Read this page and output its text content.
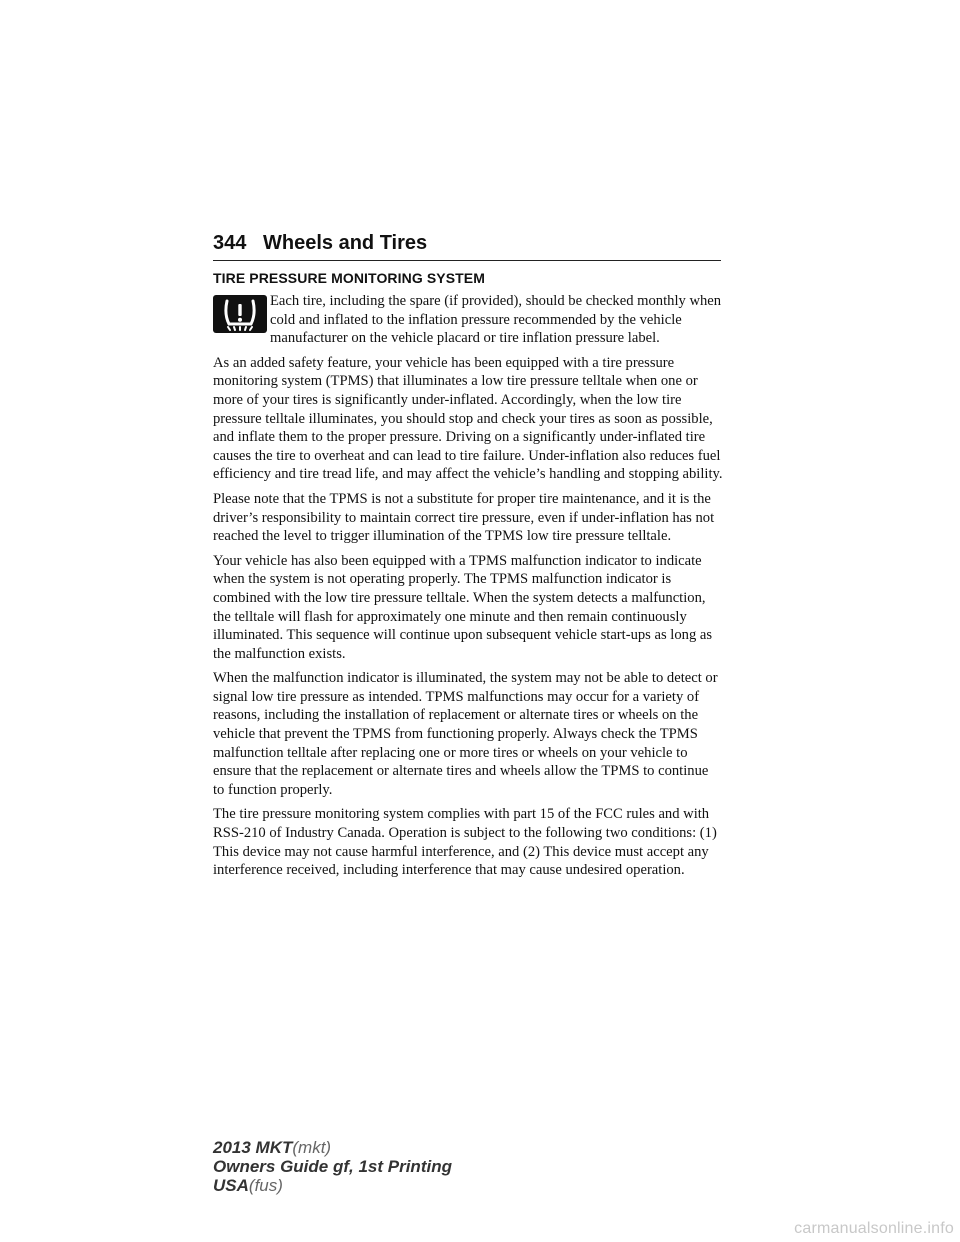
344 Wheels and Tires
TIRE PRESSURE MONITORING SYSTEM

Each tire, including the spare (if provided), should be checked monthly when cold and inflated to the inflation pressure recommended by the vehicle manufacturer on the vehicle placard or tire inflation pressure label.

As an added safety feature, your vehicle has been equipped with a tire pressure monitoring system (TPMS) that illuminates a low tire pressure telltale when one or more of your tires is significantly under-inflated. Accordingly, when the low tire pressure telltale illuminates, you should stop and check your tires as soon as possible, and inflate them to the proper pressure. Driving on a significantly under-inflated tire causes the tire to overheat and can lead to tire failure. Under-inflation also reduces fuel efficiency and tire tread life, and may affect the vehicle’s handling and stopping ability.

Please note that the TPMS is not a substitute for proper tire maintenance, and it is the driver’s responsibility to maintain correct tire pressure, even if under-inflation has not reached the level to trigger illumination of the TPMS low tire pressure telltale.

Your vehicle has also been equipped with a TPMS malfunction indicator to indicate when the system is not operating properly. The TPMS malfunction indicator is combined with the low tire pressure telltale. When the system detects a malfunction, the telltale will flash for approximately one minute and then remain continuously illuminated. This sequence will continue upon subsequent vehicle start-ups as long as the malfunction exists.

When the malfunction indicator is illuminated, the system may not be able to detect or signal low tire pressure as intended. TPMS malfunctions may occur for a variety of reasons, including the installation of replacement or alternate tires or wheels on the vehicle that prevent the TPMS from functioning properly. Always check the TPMS malfunction telltale after replacing one or more tires or wheels on your vehicle to ensure that the replacement or alternate tires and wheels allow the TPMS to continue to function properly.

The tire pressure monitoring system complies with part 15 of the FCC rules and with RSS-210 of Industry Canada. Operation is subject to the following two conditions: (1) This device may not cause harmful interference, and (2) This device must accept any interference received, including interference that may cause undesired operation.

2013 MKT(mkt)
Owners Guide gf, 1st Printing
USA(fus)
carmanualsonline.info
